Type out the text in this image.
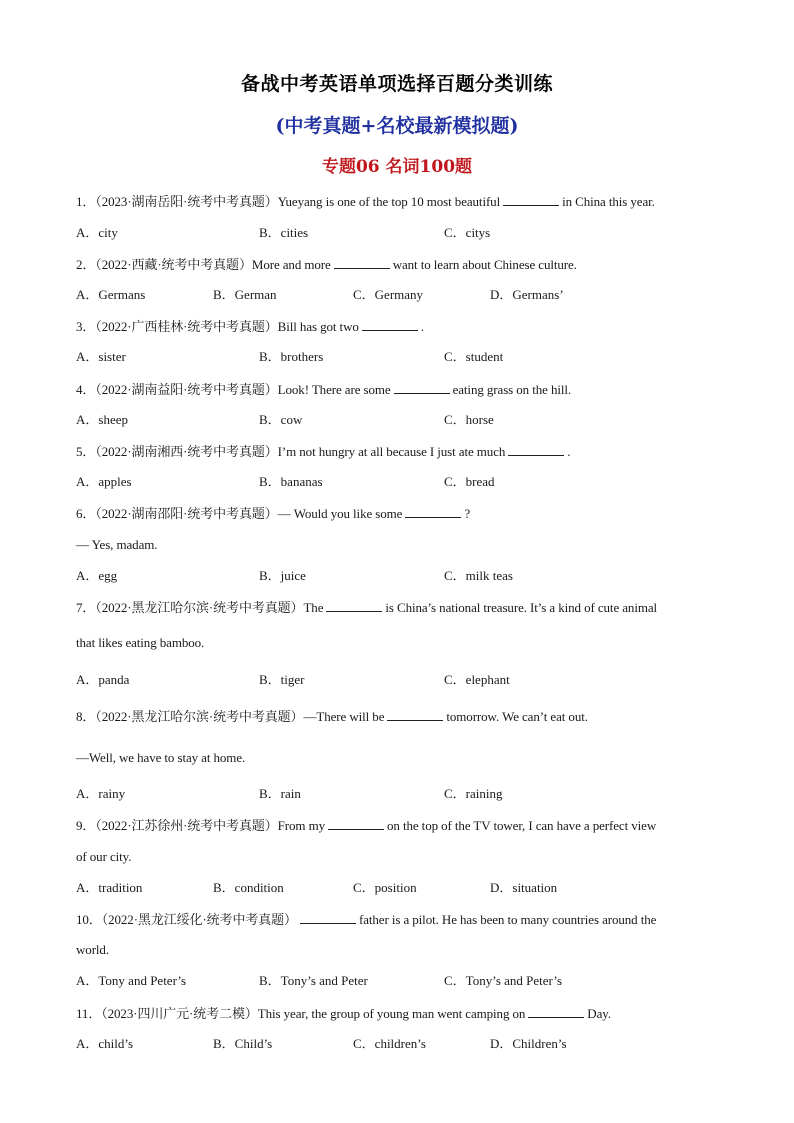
备战中考英语单项选择百题分类训练
(中考真题+名校最新模拟题)
专题06 名词100题
1．（2023·湖南岳阳·统考中考真题）Yueyang is one of the top 10 most beautiful	in China this year.
A．city	B．cities	C．citys
2．（2022·西藏·统考中考真题）More and more	want to learn about Chinese culture.
A．Germans	B．German	C．Germany	D．Germans’
3．（2022·广西桂林·统考中考真题）Bill has got two	.
A．sister	B．brothers	C．student
4．（2022·湖南益阳·统考中考真题）Look! There are some	eating grass on the hill.
A．sheep	B．cow	C．horse
5．（2022·湖南湘西·统考中考真题）I’m not hungry at all because I just ate much	.
A．apples	B．bananas	C．bread
6．（2022·湖南邵阳·统考中考真题）— Would you like some	?
— Yes, madam.
A．egg	B．juice	C．milk teas
7．（2022·黑龙江哈尔滨·统考中考真题）The	is China’s national treasure. It’s a kind of cute animal
that likes eating bamboo.
A．panda	B．tiger	C．elephant
8．（2022·黑龙江哈尔滨·统考中考真题）—There will be	tomorrow. We can’t eat out.
—Well, we have to stay at home.
A．rainy	B．rain	C．raining
9．（2022·江苏徐州·统考中考真题）From my	on the top of the TV tower, I can have a perfect view
of our city.
A．tradition	B．condition	C．position	D．situation
10．（2022·黑龙江绥化·统考中考真题）	father is a pilot. He has been to many countries around the
world.
A．Tony and Peter’s	B．Tony’s and Peter	C．Tony’s and Peter’s
11．（2023·四川广元·统考二模）This year, the group of young man went camping on	Day.
A．child’s	B．Child’s	C．children’s	D．Children’s
